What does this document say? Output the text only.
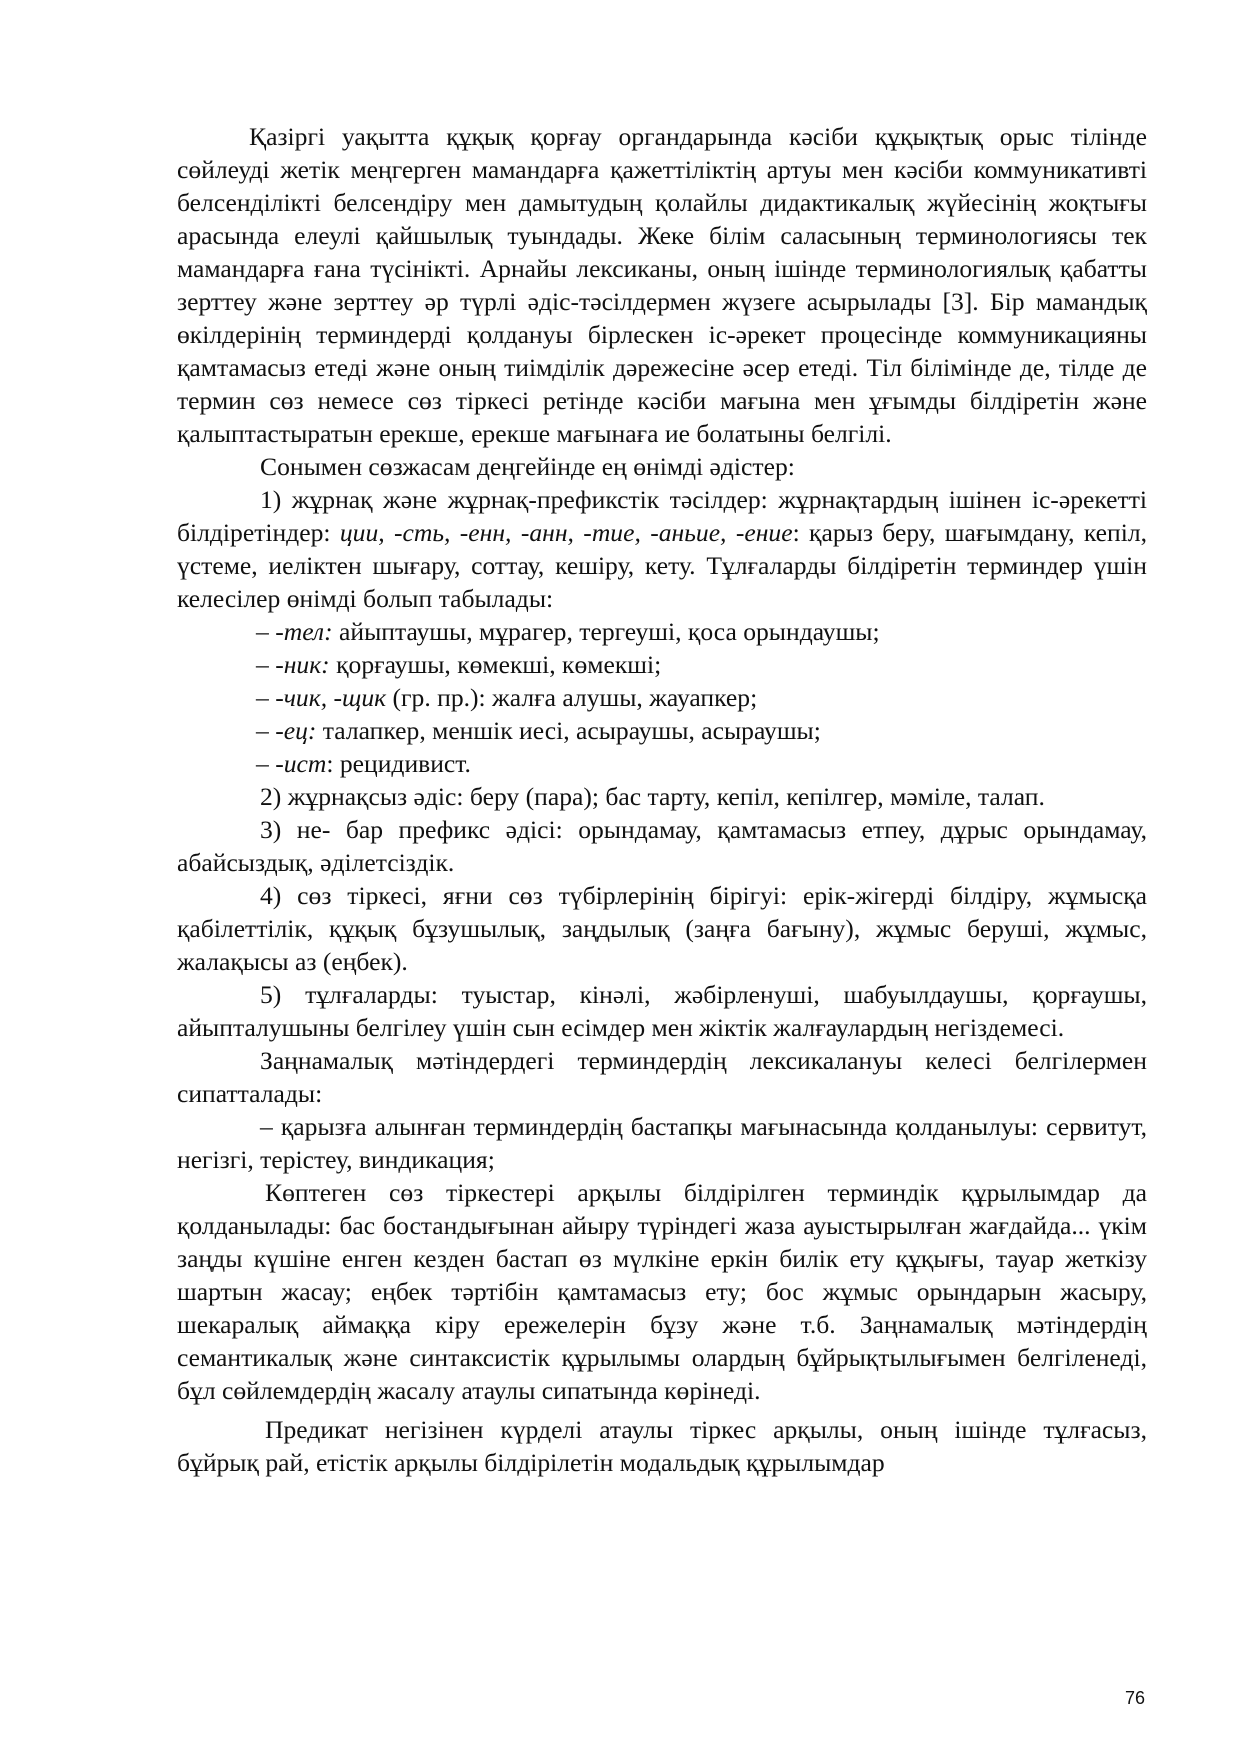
Қазіргі уақытта құқық қорғау органдарында кәсіби құқықтық орыс тілінде сөйлеуді жетік меңгерген мамандарға қажеттіліктің артуы мен кәсіби коммуникативті белсенділікті белсендіру мен дамытудың қолайлы дидактикалық жүйесінің жоқтығы арасында елеулі қайшылық туындады. Жеке білім саласының терминологиясы тек мамандарға ғана түсінікті. Арнайы лексиканы, оның ішінде терминологиялық қабатты зерттеу және зерттеу әр түрлі әдіс-тәсілдермен жүзеге асырылады [3]. Бір мамандық өкілдерінің терминдерді қолдануы бірлескен іс-әрекет процесінде коммуникацияны қамтамасыз етеді және оның тиімділік дәрежесіне әсер етеді. Тіл білімінде де, тілде де термин сөз немесе сөз тіркесі ретінде кәсіби мағына мен ұғымды білдіретін және қалыптастыратын ерекше, ерекше мағынаға ие болатыны белгілі.

Сонымен сөзжасам деңгейінде ең өнімді әдістер:

1) жұрнақ және жұрнақ-префикстік тәсілдер: жұрнақтардың ішінен іс-әрекетті білдіретіндер: ции, -сть, -енн, -анн, -тие, -аньие, -ение: қарыз беру, шағымдану, кепіл, үстеме, иеліктен шығару, соттау, кешіру, кету. Тұлғаларды білдіретін терминдер үшін келесілер өнімді болып табылады:

– -тел: айыптаушы, мұрагер, тергеуші, қоса орындаушы;

– -ник: қорғаушы, көмекші, көмекші;

– -чик, -щик (гр. пр.): жалға алушы, жауапкер;

– -ец: талапкер, меншік иесі, асыраушы, асыраушы;

– -ист: рецидивист.

2) жұрнақсыз әдіс: беру (пара); бас тарту, кепіл, кепілгер, мәміле, талап.

3) не- бар префикс әдісі: орындамау, қамтамасыз етпеу, дұрыс орындамау, абайсыздық, әділетсіздік.

4) сөз тіркесі, яғни сөз түбірлерінің бірігуі: ерік-жігерді білдіру, жұмысқа қабілеттілік, құқық бұзушылық, заңдылық (заңға бағыну), жұмыс беруші, жұмыс, жалақысы аз (еңбек).

5) тұлғаларды: туыстар, кінәлі, жәбірленуші, шабуылдаушы, қорғаушы, айыпталушыны белгілеу үшін сын есімдер мен жіктік жалғаулардың негіздемесі.

Заңнамалық мәтіндердегі терминдердің лексикалануы келесі белгілермен сипатталады:

– қарызға алынған терминдердің бастапқы мағынасында қолданылуы: сервитут, негізгі, терістеу, виндикация;

Көптеген сөз тіркестері арқылы білдірілген терминдік құрылымдар да қолданылады: бас бостандығынан айыру түріндегі жаза ауыстырылған жағдайда... үкім заңды күшіне енген кезден бастап өз мүлкіне еркін билік ету құқығы, тауар жеткізу шартын жасау; еңбек тәртібін қамтамасыз ету; бос жұмыс орындарын жасыру, шекаралық аймаққа кіру ережелерін бұзу және т.б. Заңнамалық мәтіндердің семантикалық және синтаксистік құрылымы олардың бұйрықтылығымен белгіленеді, бұл сөйлемдердің жасалу атаулы сипатында көрінеді.

Предикат негізінен күрделі атаулы тіркес арқылы, оның ішінде тұлғасыз, бұйрық рай, етістік арқылы білдірілетін модальдық құрылымдар

76
